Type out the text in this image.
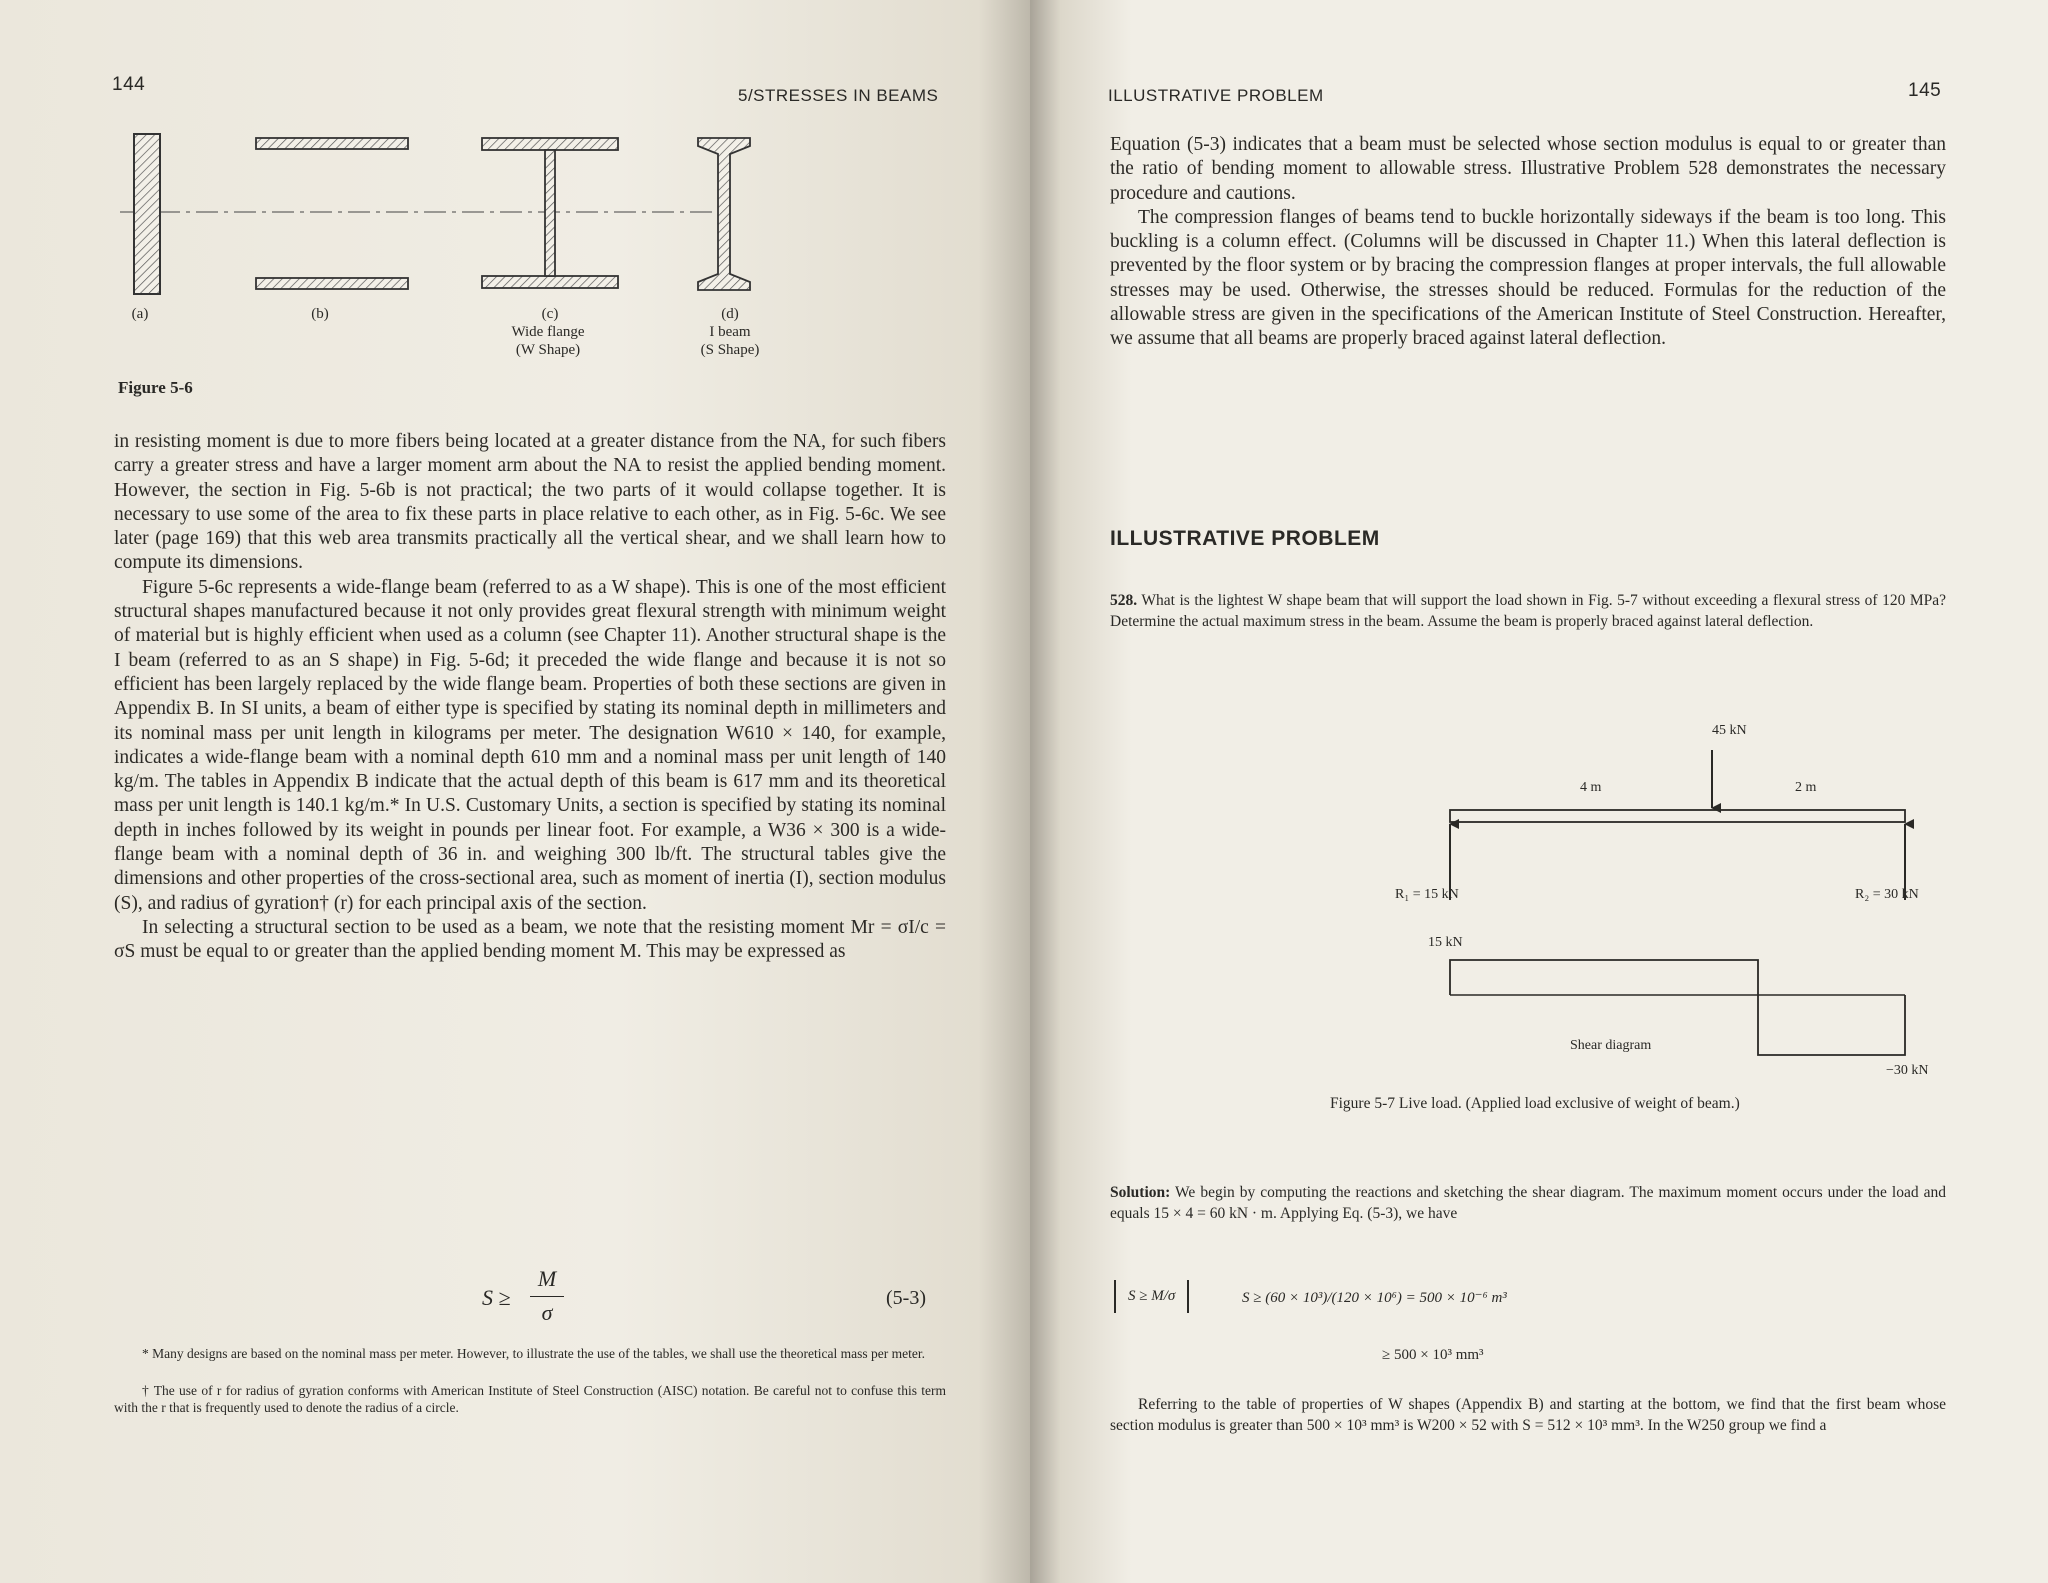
144
5/STRESSES IN BEAMS
(a)	(b)	(c)
Wide flange
(W Shape)
(d)
I beam
(S Shape)
Figure 5-6

in resisting moment is due to more fibers being located at a greater distance from the NA, for such fibers carry a greater stress and have a larger moment arm about the NA to resist the applied bending moment. However, the section in Fig. 5-6b is not practical; the two parts of it would collapse together. It is necessary to use some of the area to fix these parts in place relative to each other, as in Fig. 5-6c. We see later (page 169) that this web area transmits practically all the vertical shear, and we shall learn how to compute its dimensions.

Figure 5-6c represents a wide-flange beam (referred to as a W shape). This is one of the most efficient structural shapes manufactured because it not only provides great flexural strength with minimum weight of material but is highly efficient when used as a column (see Chapter 11). Another structural shape is the I beam (referred to as an S shape) in Fig. 5-6d; it preceded the wide flange and because it is not so efficient has been largely replaced by the wide flange beam. Properties of both these sections are given in Appendix B. In SI units, a beam of either type is specified by stating its nominal depth in millimeters and its nominal mass per unit length in kilograms per meter. The designation W610 × 140, for example, indicates a wide-flange beam with a nominal depth 610 mm and a nominal mass per unit length of 140 kg/m. The tables in Appendix B indicate that the actual depth of this beam is 617 mm and its theoretical mass per unit length is 140.1 kg/m.* In U.S. Customary Units, a section is specified by stating its nominal depth in inches followed by its weight in pounds per linear foot. For example, a W36 × 300 is a wide-flange beam with a nominal depth of 36 in. and weighing 300 lb/ft. The structural tables give the dimensions and other properties of the cross-sectional area, such as moment of inertia (I), section modulus (S), and radius of gyration† (r) for each principal axis of the section.

In selecting a structural section to be used as a beam, we note that the resisting moment Mr = σI/c = σS must be equal to or greater than the applied bending moment M. This may be expressed as

S ≥
M
σ
(5-3)
* Many designs are based on the nominal mass per meter. However, to illustrate the use of the tables, we shall use the theoretical mass per meter.
† The use of r for radius of gyration conforms with American Institute of Steel Construction (AISC) notation. Be careful not to confuse this term with the r that is frequently used to denote the radius of a circle.
ILLUSTRATIVE PROBLEM	145

Equation (5-3) indicates that a beam must be selected whose section modulus is equal to or greater than the ratio of bending moment to allowable stress. Illustrative Problem 528 demonstrates the necessary procedure and cautions.

The compression flanges of beams tend to buckle horizontally sideways if the beam is too long. This buckling is a column effect. (Columns will be discussed in Chapter 11.) When this lateral deflection is prevented by the floor system or by bracing the compression flanges at proper intervals, the full allowable stresses may be used. Otherwise, the stresses should be reduced. Formulas for the reduction of the allowable stress are given in the specifications of the American Institute of Steel Construction. Hereafter, we assume that all beams are properly braced against lateral deflection.

ILLUSTRATIVE PROBLEM
528. What is the lightest W shape beam that will support the load shown in Fig. 5-7 without exceeding a flexural stress of 120 MPa? Determine the actual maximum stress in the beam. Assume the beam is properly braced against lateral deflection.
45 kN
4 m	2 m
R₁ = 15 kN	R₂ = 30 kN
15 kN
Shear diagram
−30 kN
Figure 5-7 Live load. (Applied load exclusive of weight of beam.)
Solution: We begin by computing the reactions and sketching the shear diagram. The maximum moment occurs under the load and equals 15 × 4 = 60 kN · m. Applying Eq. (5-3), we have
S ≥ M/σ	S ≥ (60 × 10³)/(120 × 10⁶) = 500 × 10⁻⁶ m³
≥ 500 × 10³ mm³
Referring to the table of properties of W shapes (Appendix B) and starting at the bottom, we find that the first beam whose section modulus is greater than 500 × 10³ mm³ is W200 × 52 with S = 512 × 10³ mm³. In the W250 group we find a
